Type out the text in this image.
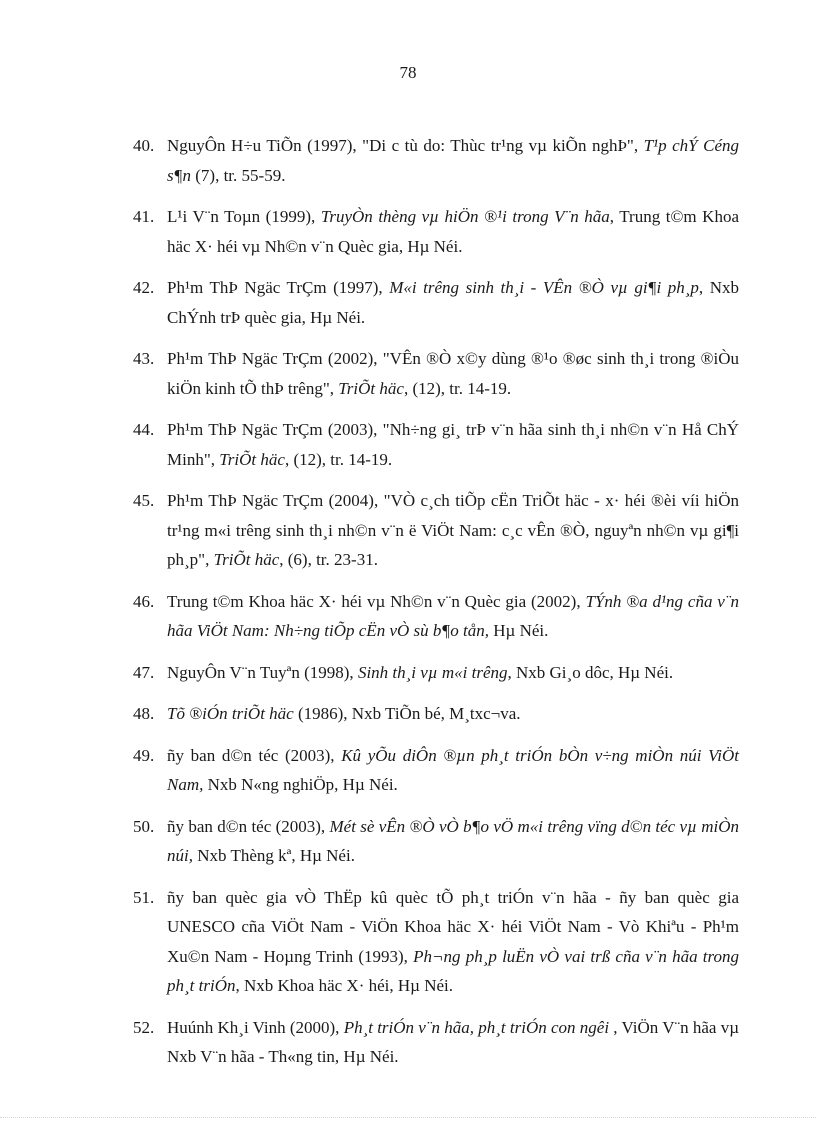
78
40. NguyÔn H÷u TiÕn (1997), "Di c tù do: Thùc tr¹ng vµ kiÕn nghÞ", T¹p chÝ Céng s¶n (7), tr. 55-59.
41. L¹i V¨n Toµn (1999), TruyÒn thèng vµ hiÖn ®¹i trong V¨n hãa, Trung t©m Khoa häc X· héi vµ Nh©n v¨n Quèc gia, Hµ Néi.
42. Ph¹m ThÞ Ngäc TrÇm (1997), M«i trêng sinh th¸i - VÊn ®Ò vµ gi¶i ph¸p, Nxb ChÝnh trÞ quèc gia, Hµ Néi.
43. Ph¹m ThÞ Ngäc TrÇm (2002), "VÊn ®Ò x©y dùng ®¹o ®øc sinh th¸i trong ®iÒu kiÖn kinh tÕ thÞ trêng", TriÕt häc, (12), tr. 14-19.
44. Ph¹m ThÞ Ngäc TrÇm (2003), "Nh÷ng gi¸ trÞ v¨n hãa sinh th¸i nh©n v¨n Hå ChÝ Minh", TriÕt häc, (12), tr. 14-19.
45. Ph¹m ThÞ Ngäc TrÇm (2004), "VÒ c¸ch tiÕp cËn TriÕt häc - x· héi ®èi víi hiÖn tr¹ng m«i trêng sinh th¸i nh©n v¨n ë ViÖt Nam: c¸c vÊn ®Ò, nguyªn nh©n vµ gi¶i ph¸p", TriÕt häc, (6), tr. 23-31.
46. Trung t©m Khoa häc X· héi vµ Nh©n v¨n Quèc gia (2002), TÝnh ®a d¹ng cña v¨n hãa ViÖt Nam: Nh÷ng tiÕp cËn vÒ sù b¶o tån, Hµ Néi.
47. NguyÔn V¨n Tuyªn (1998), Sinh th¸i vµ m«i trêng, Nxb Gi¸o dôc, Hµ Néi.
48. Tõ ®iÓn triÕt häc (1986), Nxb TiÕn bé, M¸txc¬va.
49. ñy ban d©n téc (2003), Kû yÕu diÔn ®µn ph¸t triÓn bÒn v÷ng miÒn núi ViÖt Nam, Nxb N«ng nghiÖp, Hµ Néi.
50. ñy ban d©n téc (2003), Mét sè vÊn ®Ò vÒ b¶o vÖ m«i trêng vïng d©n téc vµ miÒn núi, Nxb Thèng kª, Hµ Néi.
51. ñy ban quèc gia vÒ ThËp kû quèc tÕ ph¸t triÓn v¨n hãa - ñy ban quèc gia UNESCO cña ViÖt Nam - ViÖn Khoa häc X· héi ViÖt Nam - Vò Khiªu - Ph¹m Xu©n Nam - Hoµng Trinh (1993), Ph¬ng ph¸p luËn vÒ vai trß cña v¨n hãa trong ph¸t triÓn, Nxb Khoa häc X· héi, Hµ Néi.
52. Huúnh Kh¸i Vinh (2000), Ph¸t triÓn v¨n hãa, ph¸t triÓn con ngêi , ViÖn V¨n hãa vµ Nxb V¨n hãa - Th«ng tin, Hµ Néi.
